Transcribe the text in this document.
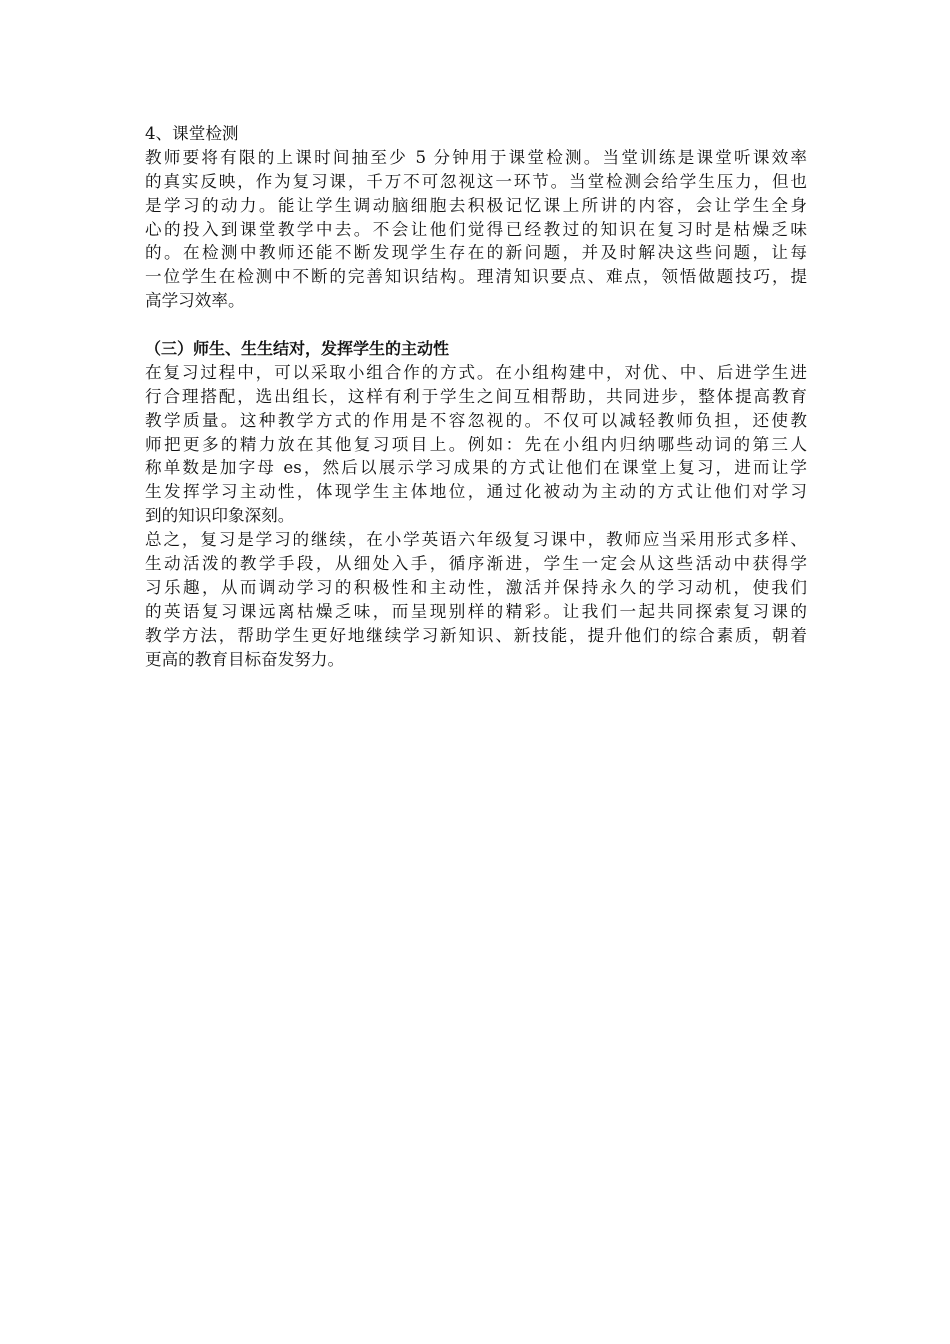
4、课堂检测
教师要将有限的上课时间抽至少 5 分钟用于课堂检测。当堂训练是课堂听课效率
的真实反映，作为复习课，千万不可忽视这一环节。当堂检测会给学生压力，但也
是学习的动力。能让学生调动脑细胞去积极记忆课上所讲的内容，会让学生全身
心的投入到课堂教学中去。不会让他们觉得已经教过的知识在复习时是枯燥乏味
的。在检测中教师还能不断发现学生存在的新问题，并及时解决这些问题，让每
一位学生在检测中不断的完善知识结构。理清知识要点、难点，领悟做题技巧，提
高学习效率。
（三）师生、生生结对，发挥学生的主动性
在复习过程中，可以采取小组合作的方式。在小组构建中，对优、中、后进学生进
行合理搭配，选出组长，这样有利于学生之间互相帮助，共同进步，整体提高教育
教学质量。这种教学方式的作用是不容忽视的。不仅可以减轻教师负担，还使教
师把更多的精力放在其他复习项目上。例如：先在小组内归纳哪些动词的第三人
称单数是加字母 es，然后以展示学习成果的方式让他们在课堂上复习，进而让学
生发挥学习主动性，体现学生主体地位，通过化被动为主动的方式让他们对学习
到的知识印象深刻。
总之，复习是学习的继续，在小学英语六年级复习课中，教师应当采用形式多样、
生动活泼的教学手段，从细处入手，循序渐进，学生一定会从这些活动中获得学
习乐趣，从而调动学习的积极性和主动性，激活并保持永久的学习动机，使我们
的英语复习课远离枯燥乏味，而呈现别样的精彩。让我们一起共同探索复习课的
教学方法，帮助学生更好地继续学习新知识、新技能，提升他们的综合素质，朝着
更高的教育目标奋发努力。
